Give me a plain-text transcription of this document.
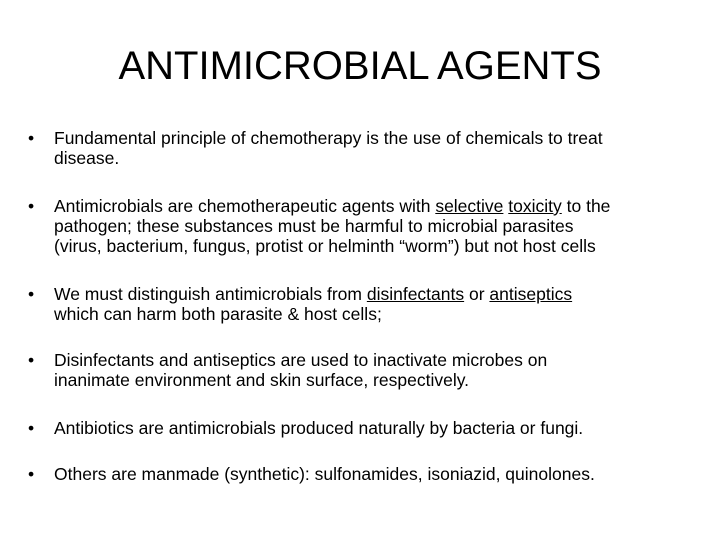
ANTIMICROBIAL AGENTS
•	Fundamental principle of chemotherapy is the use of chemicals to treat
disease.
•	Antimicrobials are chemotherapeutic agents with selective toxicity to the
pathogen; these substances must be harmful to microbial parasites
(virus, bacterium, fungus, protist or helminth “worm”) but not host cells
•	We must distinguish antimicrobials from disinfectants or antiseptics
which can harm both parasite & host cells;
•	Disinfectants and antiseptics are used to inactivate microbes on
inanimate environment and skin surface, respectively.
•	Antibiotics are antimicrobials produced naturally by bacteria or fungi.
•	Others are manmade (synthetic): sulfonamides, isoniazid, quinolones.
